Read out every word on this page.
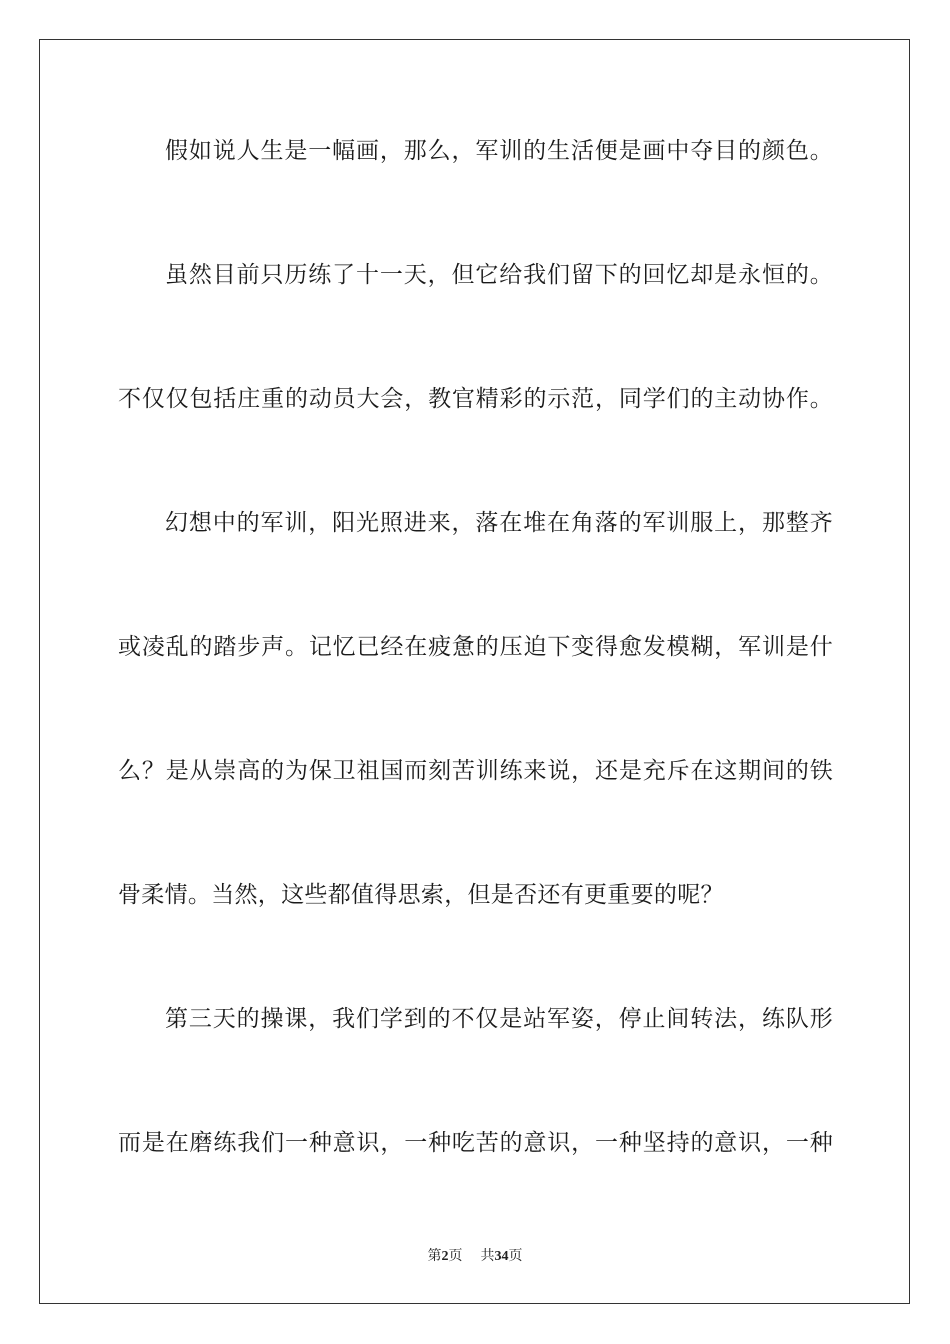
假如说人生是一幅画，那么，军训的生活便是画中夺目的颜色。
虽然目前只历练了十一天，但它给我们留下的回忆却是永恒的。
不仅仅包括庄重的动员大会，教官精彩的示范，同学们的主动协作。
幻想中的军训，阳光照进来，落在堆在角落的军训服上，那整齐
或凌乱的踏步声。记忆已经在疲惫的压迫下变得愈发模糊，军训是什
么？是从崇高的为保卫祖国而刻苦训练来说，还是充斥在这期间的铁
骨柔情。当然，这些都值得思索，但是否还有更重要的呢？
第三天的操课，我们学到的不仅是站军姿，停止间转法，练队形
而是在磨练我们一种意识，一种吃苦的意识，一种坚持的意识，一种
第2页 共34页
